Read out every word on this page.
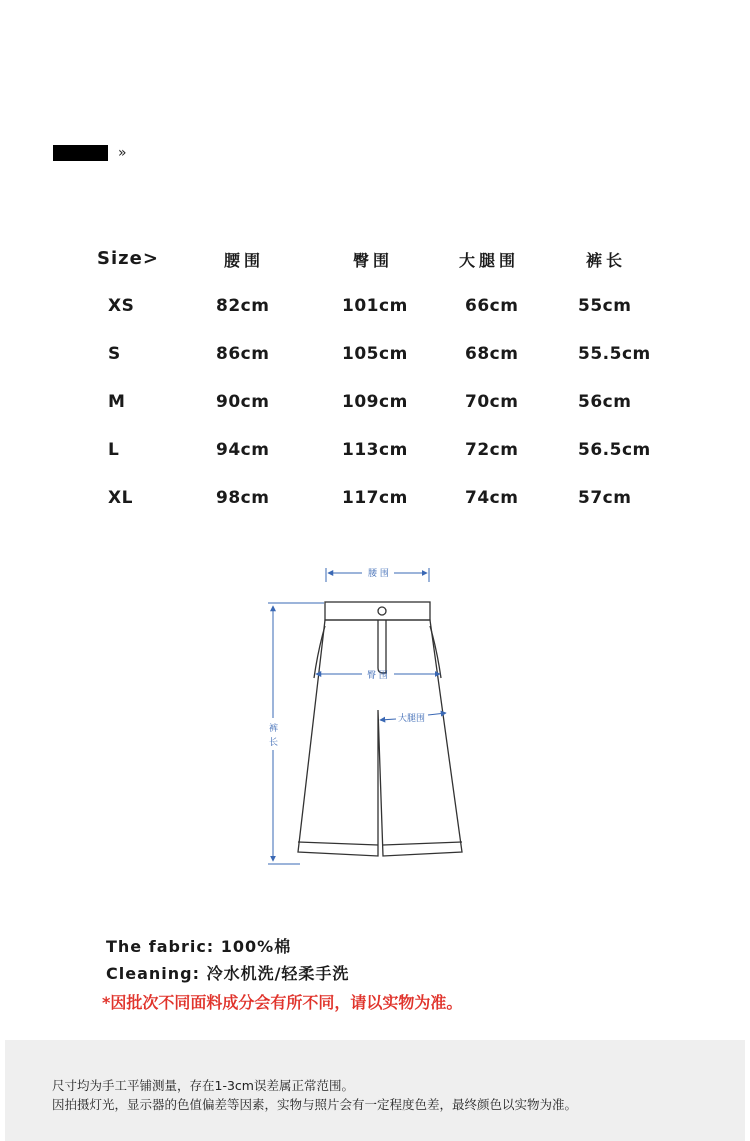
»
Size>	腰围	臀围	大腿围	裤长
XS	82cm	101cm	66cm	55cm
S	86cm	105cm	68cm	55.5cm
M	90cm	109cm	70cm	56cm
L	94cm	113cm	72cm	56.5cm
XL	98cm	117cm	74cm	57cm
腰 围
臀 围
大腿围
裤
长
The fabric: 100%棉
Cleaning: 冷水机洗/轻柔手洗
*因批次不同面料成分会有所不同，请以实物为准。
尺寸均为手工平铺测量，存在1-3cm误差属正常范围。
因拍摄灯光，显示器的色值偏差等因素，实物与照片会有一定程度色差，最终颜色以实物为准。
